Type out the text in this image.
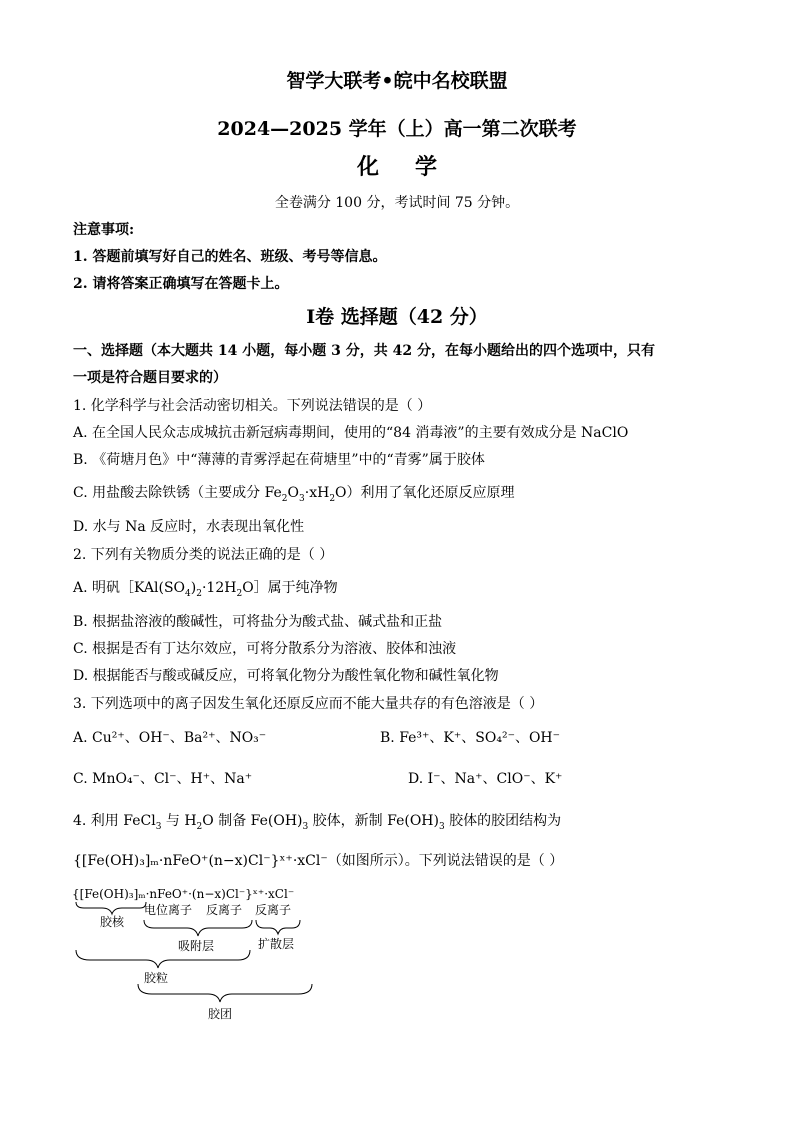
智学大联考•皖中名校联盟
2024—2025 学年（上）高一第二次联考
化学
全卷满分 100 分，考试时间 75 分钟。
注意事项:
1. 答题前填写好自己的姓名、班级、考号等信息。
2. 请将答案正确填写在答题卡上。
Ⅰ卷 选择题（42 分）
一、选择题（本大题共 14 小题，每小题 3 分，共 42 分，在每小题给出的四个选项中，只有
一项是符合题目要求的）
1. 化学科学与社会活动密切相关。下列说法错误的是（ ）
A. 在全国人民众志成城抗击新冠病毒期间，使用的“84 消毒液”的主要有效成分是 NaClO
B. 《荷塘月色》中“薄薄的青雾浮起在荷塘里”中的“青雾”属于胶体
C. 用盐酸去除铁锈（主要成分 $Fe_2O_3\cdot xH_2O$）利用了氧化还原反应原理
D. 水与 Na 反应时，水表现出氧化性
2. 下列有关物质分类的说法正确的是（ ）
A. 明矾$[KAl(SO_4)_2\cdot 12H_2O]$属于纯净物
B. 根据盐溶液的酸碱性，可将盐分为酸式盐、碱式盐和正盐
C. 根据是否有丁达尔效应，可将分散系分为溶液、胶体和浊液
D. 根据能否与酸或碱反应，可将氧化物分为酸性氧化物和碱性氧化物
3. 下列选项中的离子因发生氧化还原反应而不能大量共存的有色溶液是（ ）
A. Cu²⁺、OH⁻、Ba²⁺、NO₃⁻	B. Fe³⁺、K⁺、SO₄²⁻、OH⁻
C. MnO₄⁻、Cl⁻、H⁺、Na⁺	D. I⁻、Na⁺、ClO⁻、K⁺
4. 利用 FeCl$_3$ 与 $H_2O$ 制备 $Fe(OH)_3$ 胶体，新制 $Fe(OH)_3$ 胶体的胶团结构为
{[Fe(OH)₃]ₘ·nFeO⁺(n−x)Cl⁻}ˣ⁺·xCl⁻（如图所示）。下列说法错误的是（ ）
{[Fe(OH)₃]ₘ·nFeO⁺·(n−x)Cl⁻}ˣ⁺·xCl⁻
胶核
电位离子 反离子 反离子
吸附层	扩散层
胶粒
胶团
